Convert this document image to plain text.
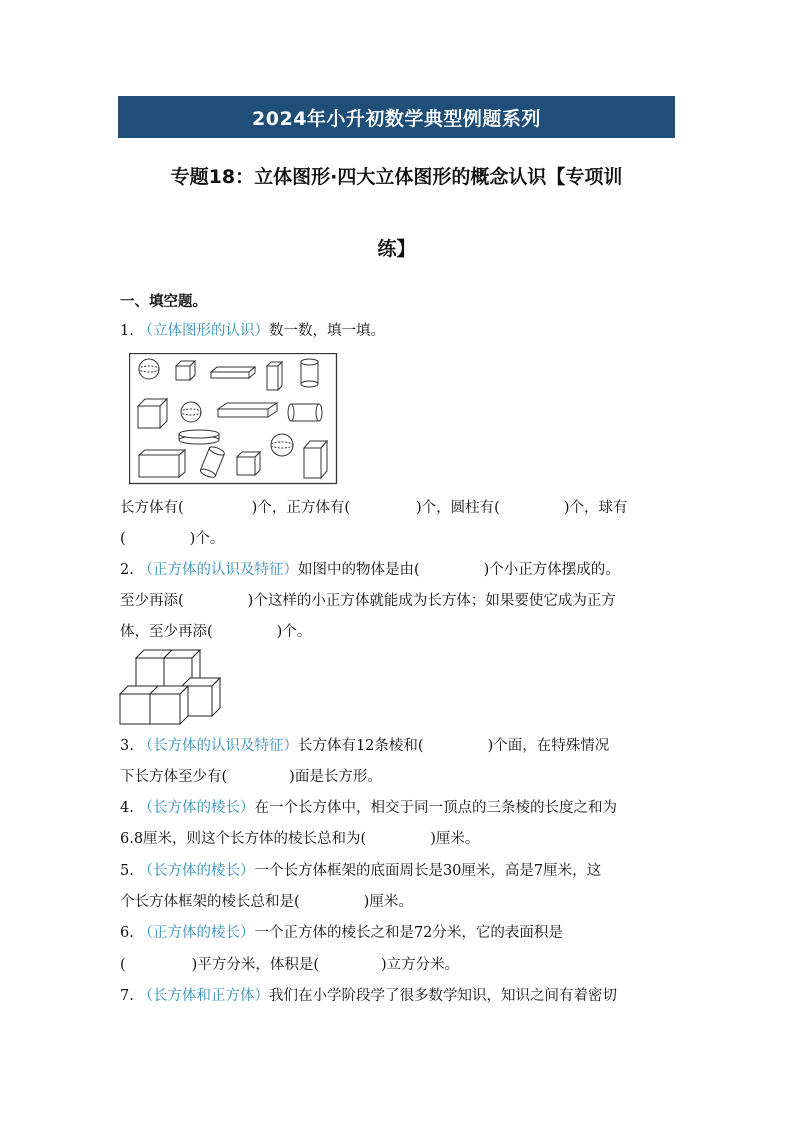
2024年小升初数学典型例题系列
专题18：立体图形·四大立体图形的概念认识【专项训
练】
一、填空题。
1. （立体图形的认识）数一数，填一填。
长方体有(	)个，正方体有(	)个，圆柱有(	)个，球有
(	)个。
2. （正方体的认识及特征）如图中的物体是由(	)个小正方体摆成的。
至少再添(	)个这样的小正方体就能成为长方体；如果要使它成为正方
体，至少再添(	)个。
3. （长方体的认识及特征）长方体有12条棱和(	)个面，在特殊情况
下长方体至少有(	)面是长方形。
4. （长方体的棱长）在一个长方体中，相交于同一顶点的三条棱的长度之和为
6.8厘米，则这个长方体的棱长总和为(	)厘米。
5. （长方体的棱长）一个长方体框架的底面周长是30厘米，高是7厘米，这
个长方体框架的棱长总和是(	)厘米。
6. （正方体的棱长）一个正方体的棱长之和是72分米，它的表面积是
(	)平方分米，体积是(	)立方分米。
7. （长方体和正方体）我们在小学阶段学了很多数学知识，知识之间有着密切
